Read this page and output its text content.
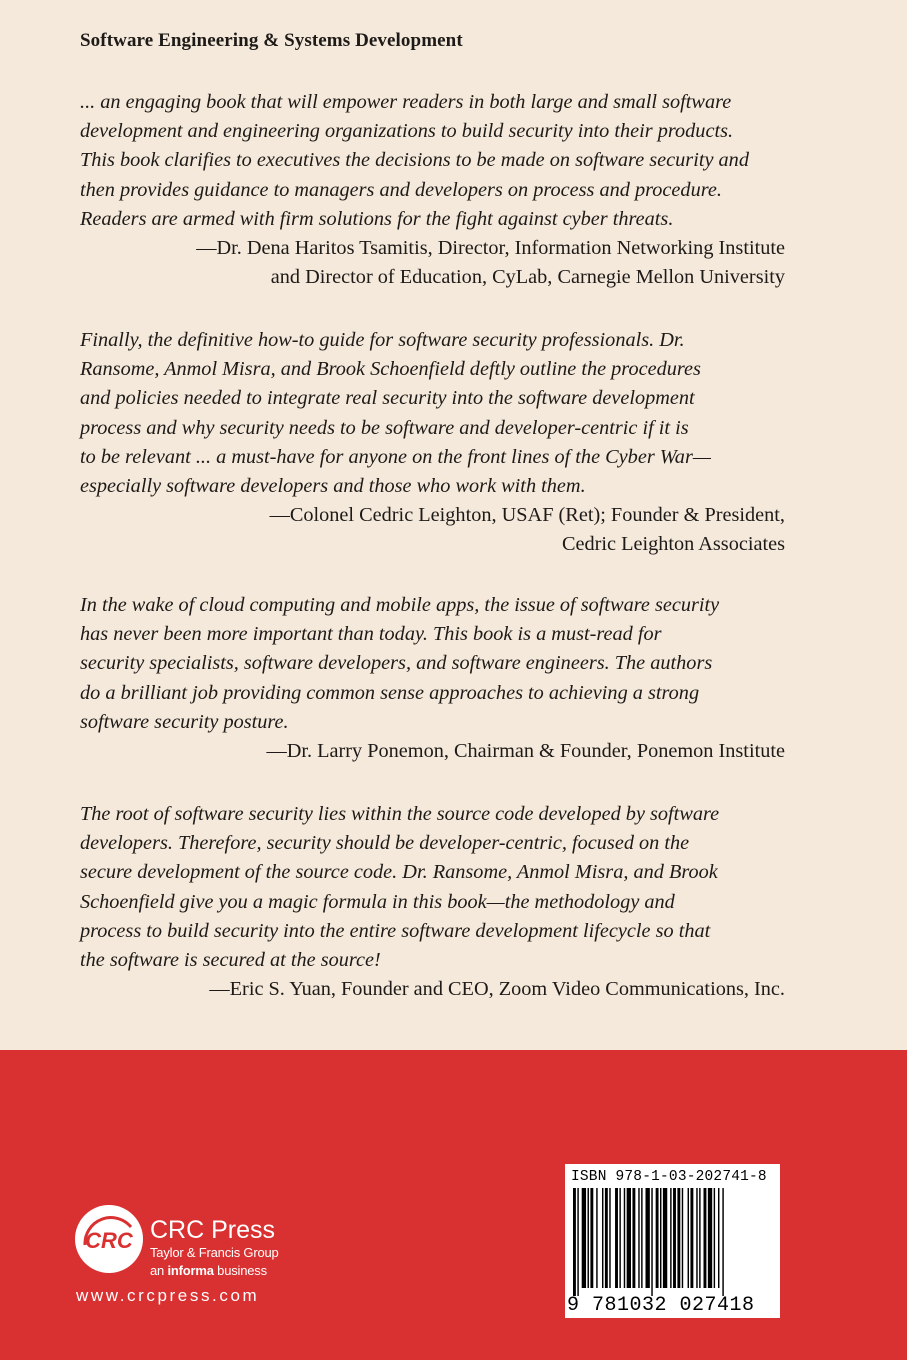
Software Engineering & Systems Development

... an engaging book that will empower readers in both large and small software

development and engineering organizations to build security into their products.

This book clarifies to executives the decisions to be made on software security and

then provides guidance to managers and developers on process and procedure.

Readers are armed with firm solutions for the fight against cyber threats.

—Dr. Dena Haritos Tsamitis, Director, Information Networking Institute

and Director of Education, CyLab, Carnegie Mellon University

Finally, the definitive how-to guide for software security professionals. Dr.

Ransome, Anmol Misra, and Brook Schoenfield deftly outline the procedures

and policies needed to integrate real security into the software development

process and why security needs to be software and developer-centric if it is

to be relevant ... a must-have for anyone on the front lines of the Cyber War—

especially software developers and those who work with them.

—Colonel Cedric Leighton, USAF (Ret); Founder & President,

Cedric Leighton Associates

In the wake of cloud computing and mobile apps, the issue of software security

has never been more important than today. This book is a must-read for

security specialists, software developers, and software engineers. The authors

do a brilliant job providing common sense approaches to achieving a strong

software security posture.

—Dr. Larry Ponemon, Chairman & Founder, Ponemon Institute

The root of software security lies within the source code developed by software

developers. Therefore, security should be developer-centric, focused on the

secure development of the source code. Dr. Ransome, Anmol Misra, and Brook

Schoenfield give you a magic formula in this book—the methodology and

process to build security into the entire software development lifecycle so that

the software is secured at the source!

—Eric S. Yuan, Founder and CEO, Zoom Video Communications, Inc.

CRC CRC Press
Taylor & Francis Group
an informa business
www.crcpress.com
ISBN 978-1-03-202741-8
9 781032 027418
